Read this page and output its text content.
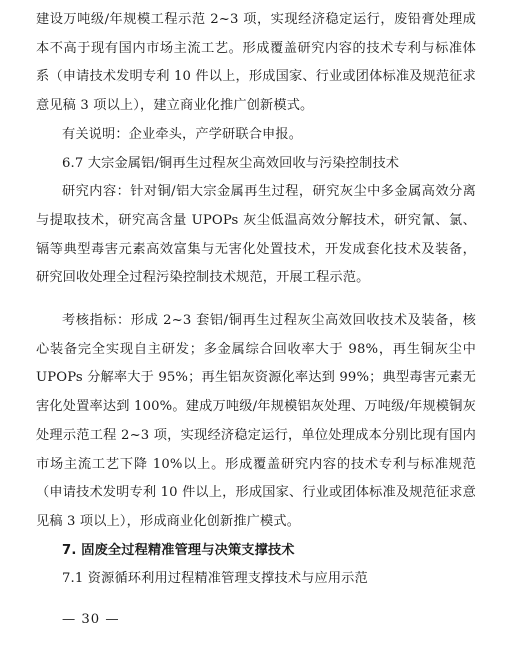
建设万吨级/年规模工程示范 2~3 项，实现经济稳定运行，废铅膏处理成本不高于现有国内市场主流工艺。形成覆盖研究内容的技术专利与标准体系（申请技术发明专利 10 件以上，形成国家、行业或团体标准及规范征求意见稿 3 项以上），建立商业化推广创新模式。

有关说明：企业牵头，产学研联合申报。

6.7 大宗金属铝/铜再生过程灰尘高效回收与污染控制技术

研究内容：针对铜/铝大宗金属再生过程，研究灰尘中多金属高效分离与提取技术，研究高含量 UPOPs 灰尘低温高效分解技术，研究氰、氯、镉等典型毒害元素高效富集与无害化处置技术，开发成套化技术及装备，研究回收处理全过程污染控制技术规范，开展工程示范。

考核指标：形成 2~3 套铝/铜再生过程灰尘高效回收技术及装备，核心装备完全实现自主研发；多金属综合回收率大于 98%，再生铜灰尘中 UPOPs 分解率大于 95%；再生铝灰资源化率达到 99%；典型毒害元素无害化处置率达到 100%。建成万吨级/年规模铝灰处理、万吨级/年规模铜灰处理示范工程 2~3 项，实现经济稳定运行，单位处理成本分别比现有国内市场主流工艺下降 10%以上。形成覆盖研究内容的技术专利与标准规范（申请技术发明专利 10 件以上，形成国家、行业或团体标准及规范征求意见稿 3 项以上），形成商业化创新推广模式。

7. 固废全过程精准管理与决策支撑技术

7.1 资源循环利用过程精准管理支撑技术与应用示范

— 30 —
